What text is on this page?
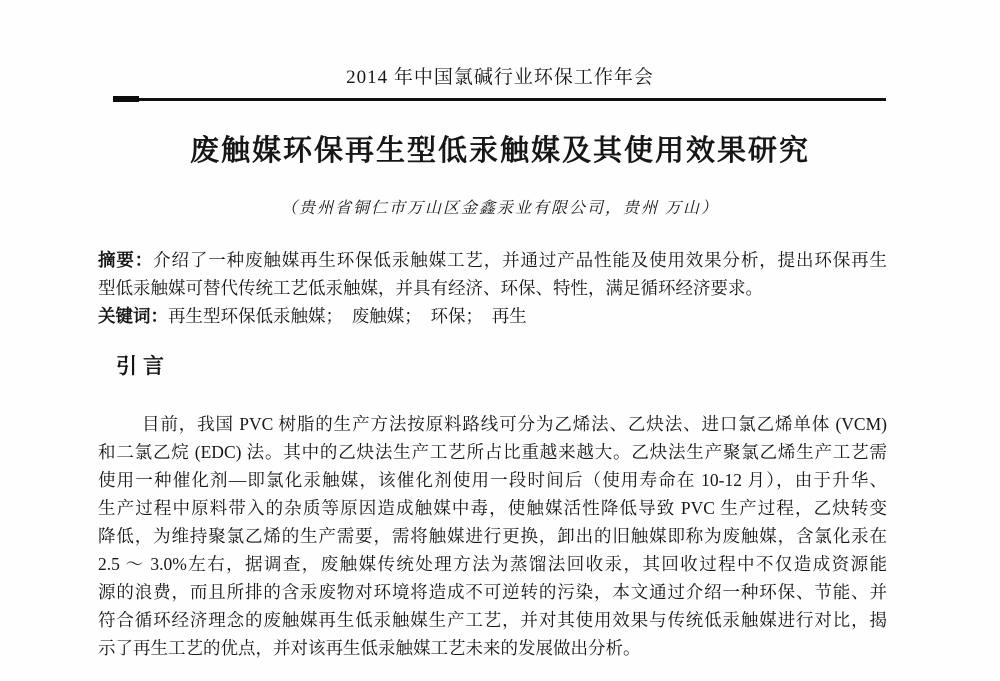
2014 年中国氯碱行业环保工作年会
废触媒环保再生型低汞触媒及其使用效果研究
（贵州省铜仁市万山区金鑫汞业有限公司，贵州 万山）
摘要：介绍了一种废触媒再生环保低汞触媒工艺，并通过产品性能及使用效果分析，提出环保再生
型低汞触媒可替代传统工艺低汞触媒，并具有经济、环保、特性，满足循环经济要求。
关键词：再生型环保低汞触媒；　废触媒；　环保；　再生
引言
目前，我国 PVC 树脂的生产方法按原料路线可分为乙烯法、乙炔法、进口氯乙烯单体 (VCM)
和二氯乙烷 (EDC) 法。其中的乙炔法生产工艺所占比重越来越大。乙炔法生产聚氯乙烯生产工艺需
使用一种催化剂—即氯化汞触媒，该催化剂使用一段时间后（使用寿命在 10-12 月），由于升华、
生产过程中原料带入的杂质等原因造成触媒中毒，使触媒活性降低导致 PVC 生产过程，乙炔转变
降低，为维持聚氯乙烯的生产需要，需将触媒进行更换，卸出的旧触媒即称为废触媒，含氯化汞在
2.5 ～ 3.0%左右，据调查，废触媒传统处理方法为蒸馏法回收汞，其回收过程中不仅造成资源能
源的浪费，而且所排的含汞废物对环境将造成不可逆转的污染，本文通过介绍一种环保、节能、并
符合循环经济理念的废触媒再生低汞触媒生产工艺，并对其使用效果与传统低汞触媒进行对比，揭
示了再生工艺的优点，并对该再生低汞触媒工艺未来的发展做出分析。
